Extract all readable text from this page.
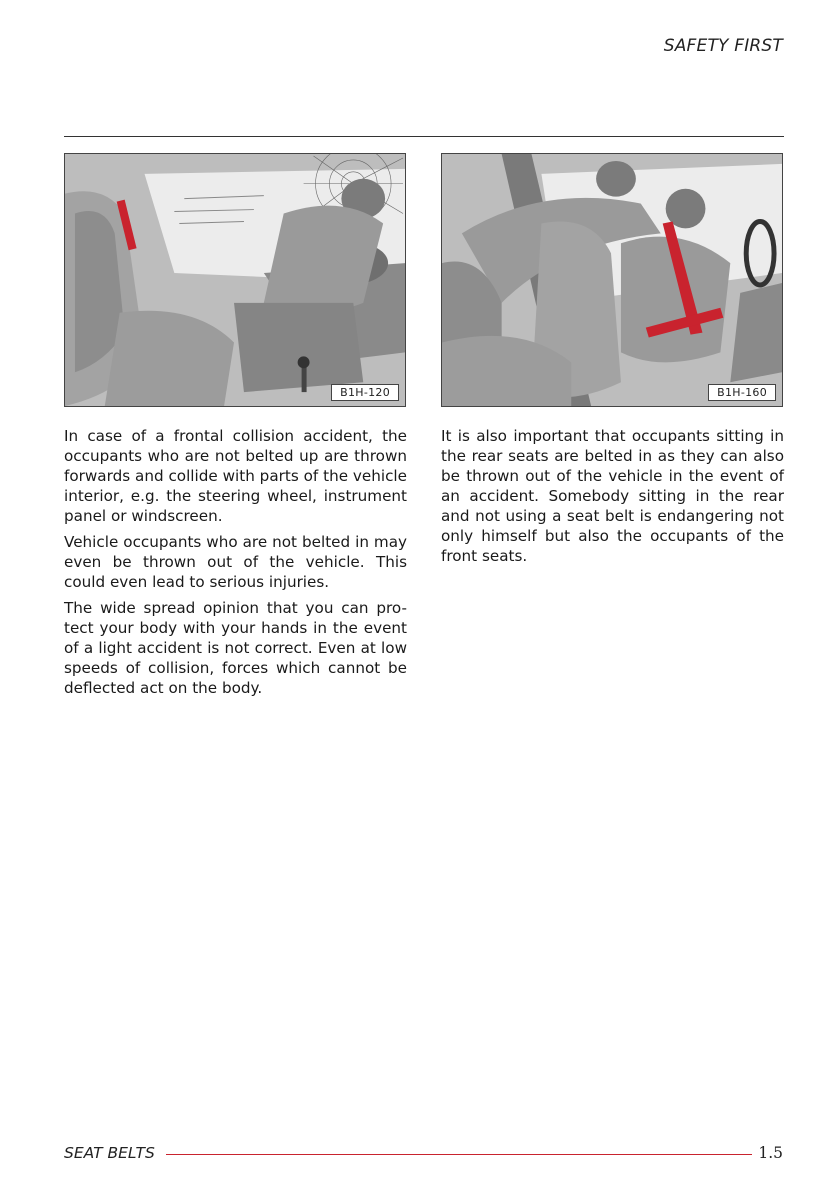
SAFETY FIRST
B1H-120	B1H-160

In case of a frontal collision accident, the occupants who are not belted up are thrown forwards and collide with parts of the vehicle interior, e.g. the steering wheel, instrument panel or windscreen.

Vehicle occupants who are not belted in may even be thrown out of the vehicle. This could even lead to serious injuries.

The wide spread opinion that you can pro-tect your body with your hands in the event of a light accident is not correct. Even at low speeds of collision, forces which cannot be deflected act on the body.

It is also important that occupants sitting in the rear seats are belted in as they can also be thrown out of the vehicle in the event of an accident. Somebody sitting in the rear and not using a seat belt is endangering not only himself but also the occupants of the front seats.

SEAT BELTS	1.5
